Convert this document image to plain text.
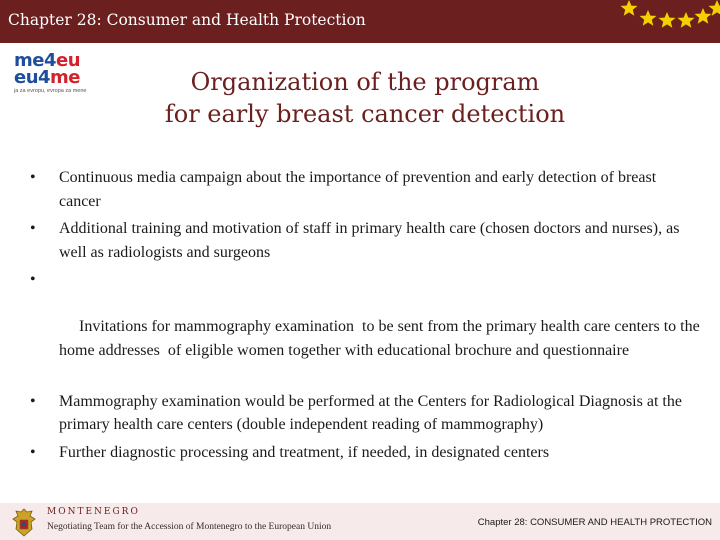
Chapter 28: Consumer and Health Protection
me4eu
eu4me
ja za evropu, evropa za mene	Organization of the program
for early breast cancer detection
• Continuous media campaign about the importance of prevention and early detection of breast cancer
• Additional training and motivation of staff in primary health care (chosen doctors and nurses), as well as radiologists and surgeons

•

Invitations for mammography examination  to be sent from the primary health care centers to the home addresses  of eligible women together with educational brochure and questionnaire

• Mammography examination would be performed at the Centers for Radiological Diagnosis at the primary health care centers (double independent reading of mammography)
• Further diagnostic processing and treatment, if needed, in designated centers
MONTENEGRO
Negotiating Team for the Accession of Montenegro to the European Union	Chapter 28: CONSUMER AND HEALTH PROTECTION
